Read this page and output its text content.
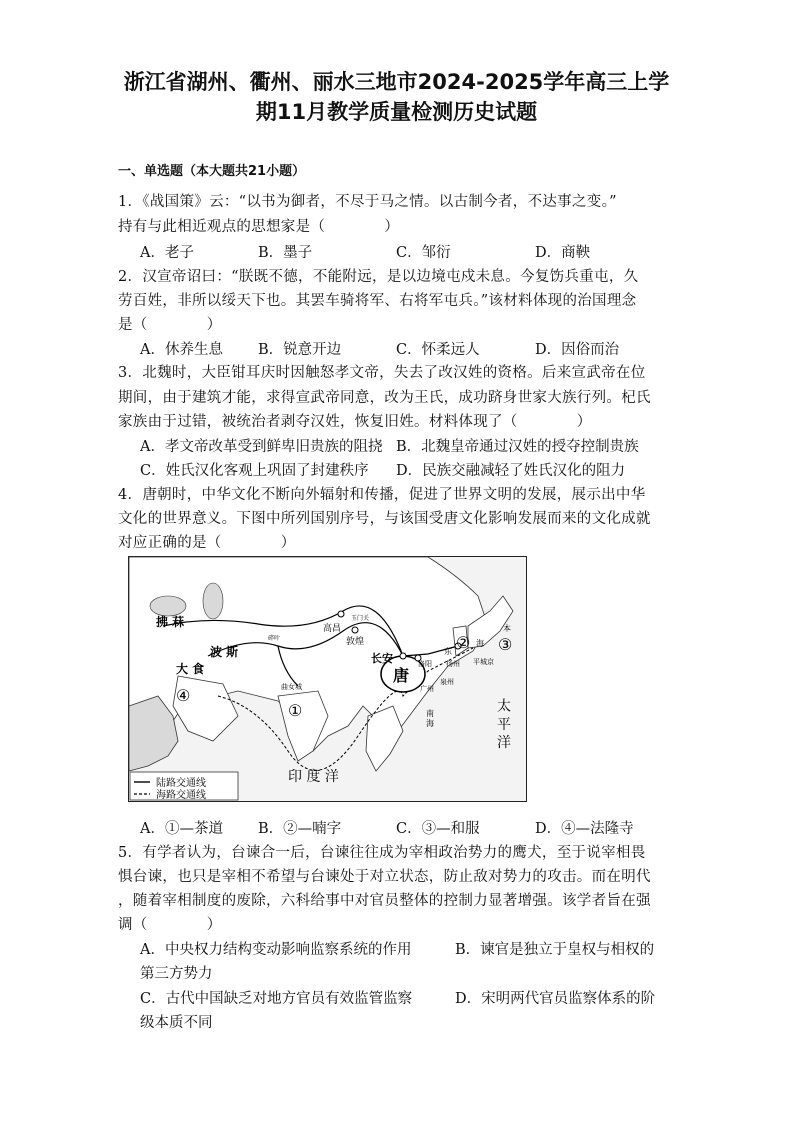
浙江省湖州、衢州、丽水三地市2024-2025学年高三上学
期11月教学质量检测历史试题
一、单选题（本大题共21小题）
1．《战国策》云：“以书为御者，不尽于马之情。以古制今者，不达事之变。”
持有与此相近观点的思想家是（　　　　）
A．老子	B．墨子	C．邹衍	D．商鞅
2．汉宣帝诏曰：“朕既不德，不能附远，是以边境屯戍未息。今复饬兵重屯，久
劳百姓，非所以绥天下也。其罢车骑将军、右将军屯兵。”该材料体现的治国理念
是（　　　　）
A．休养生息 B．锐意开边	C．怀柔远人	D．因俗而治
3．北魏时，大臣钳耳庆时因触怒孝文帝，失去了改汉姓的资格。后来宣武帝在位
期间，由于建筑才能，求得宣武帝同意，改为王氏，成功跻身世家大族行列。杞氏
家族由于过错，被统治者剥夺汉姓，恢复旧姓。材料体现了（　　　　）
A．孝文帝改革受到鲜卑旧贵族的阻挠 B．北魏皇帝通过汉姓的授夺控制贵族
C．姓氏汉化客观上巩固了封建秩序 D．民族交融减轻了姓氏汉化的阻力
4．唐朝时，中华文化不断向外辐射和传播，促进了世界文明的发展，展示出中华
文化的世界意义。下图中所列国别序号，与该国受唐文化影响发展而来的文化成就
对应正确的是（　　　　）
拂 菻
波 斯
大 食
高昌
敦煌
玉门关
碎叶
长安
唐
洛阳 扬州
广州
泉州
平城京
曲女城
太 平 洋
印 度 洋
本
海
东
南
海
①
② ③
④
陆路交通线
海路交通线
A．①—茶道 B．②—喃字	C．③—和服	D．④—法隆寺
5．有学者认为，台谏合一后，台谏往往成为宰相政治势力的鹰犬，至于说宰相畏
惧台谏，也只是宰相不希望与台谏处于对立状态，防止敌对势力的攻击。而在明代
，随着宰相制度的废除，六科给事中对官员整体的控制力显著增强。该学者旨在强
调（　　　　）
A．中央权力结构变动影响监察系统的作用	B．谏官是独立于皇权与相权的
第三方势力
C．古代中国缺乏对地方官员有效监管监察	D．宋明两代官员监察体系的阶
级本质不同
